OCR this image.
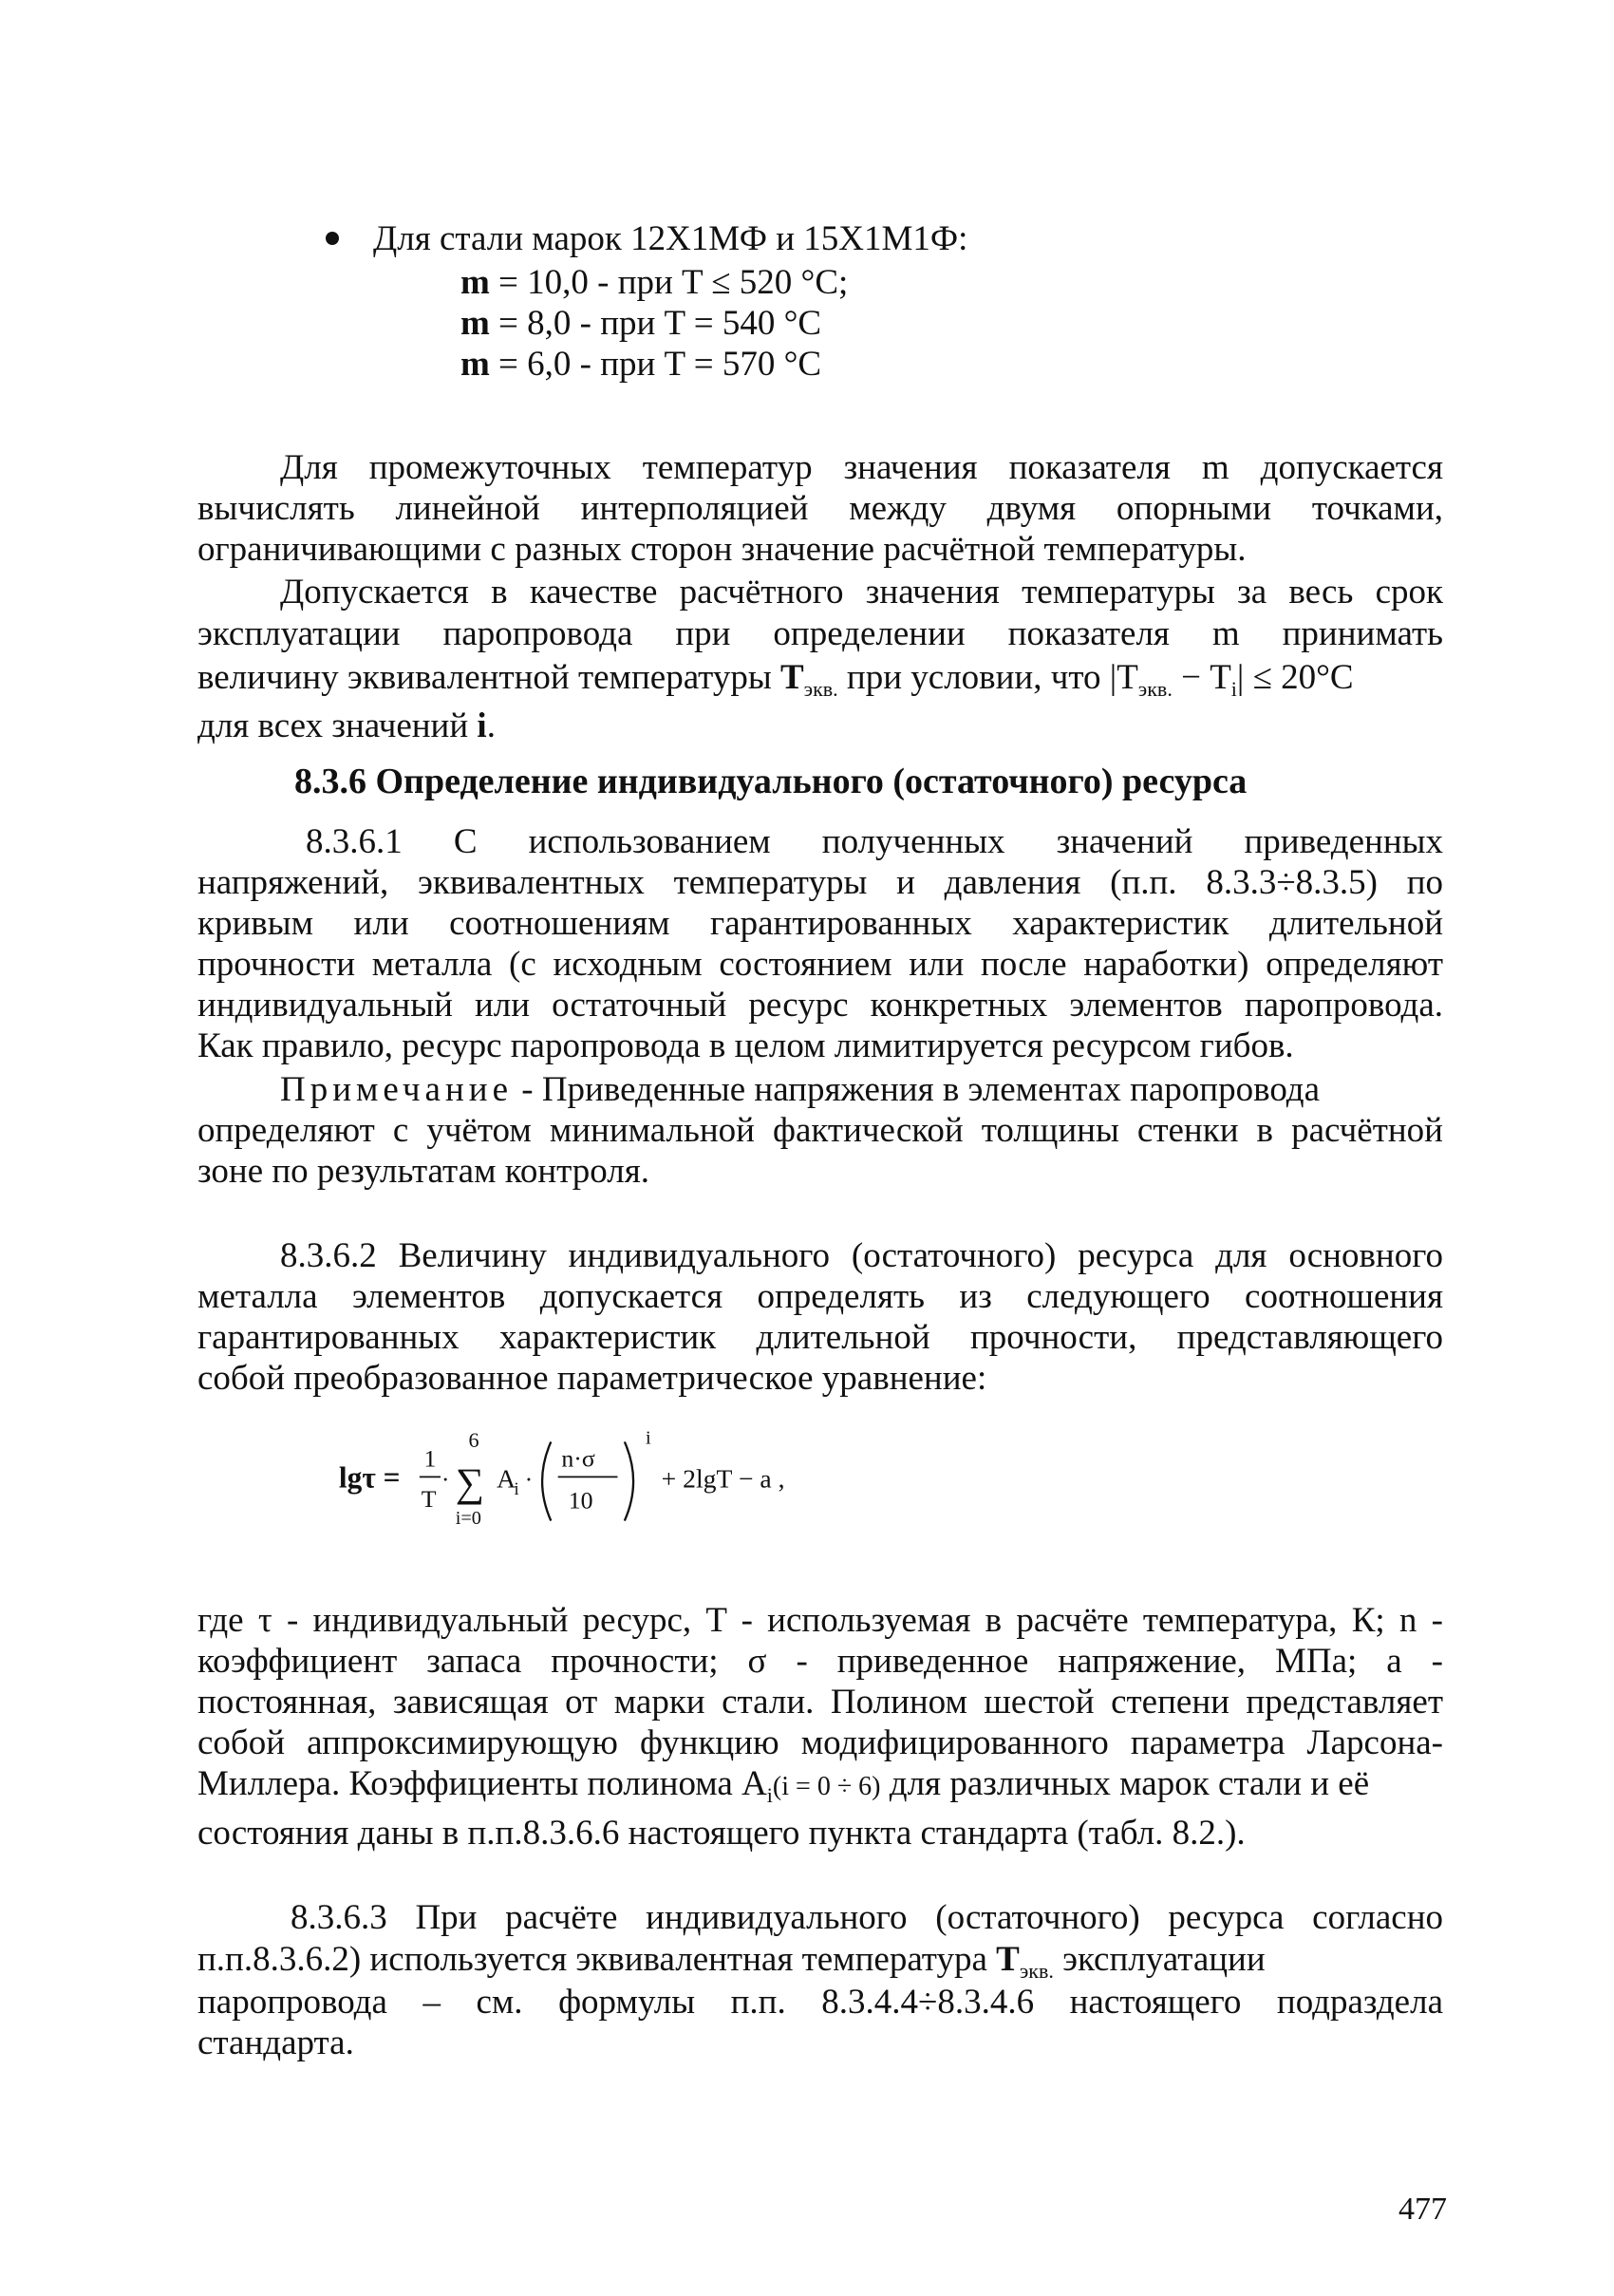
Для стали марок 12Х1МФ и 15Х1М1Ф:
m = 10,0 - при T ≤ 520 °C;
m = 8,0 - при T = 540 °C
m = 6,0 - при T = 570 °C
Для промежуточных температур значения показателя m допускается
вычислять линейной интерполяцией между двумя опорными точками,
ограничивающими с разных сторон значение расчётной температуры.
Допускается в качестве расчётного значения температуры за весь срок
эксплуатации паропровода при определении показателя m принимать
величину эквивалентной температуры $T_{экв.}$ при условии, что $|T_{экв.} - T_i| \le 20^\circ C$
для всех значений i.
8.3.6 Определение индивидуального (остаточного) ресурса
8.3.6.1 С использованием полученных значений приведенных
напряжений, эквивалентных температуры и давления (п.п. 8.3.3÷8.3.5) по
кривым или соотношениям гарантированных характеристик длительной
прочности металла (с исходным состоянием или после наработки) определяют
индивидуальный или остаточный ресурс конкретных элементов паропровода.
Как правило, ресурс паропровода в целом лимитируется ресурсом гибов.
Примечание - Приведенные напряжения в элементах паропровода
определяют с учётом минимальной фактической толщины стенки в расчётной
зоне по результатам контроля.
8.3.6.2 Величину индивидуального (остаточного) ресурса для основного
металла элементов допускается определять из следующего соотношения
гарантированных характеристик длительной прочности, представляющего
собой преобразованное параметрическое уравнение:
lgτ =
1
T
·
6
∑
i=0
A
i ·
n·σ
10
i
+ 2lgT − a ,
где τ - индивидуальный ресурс, T - используемая в расчёте температура, К; n -
коэффициент запаса прочности; σ - приведенное напряжение, МПа; a -
постоянная, зависящая от марки стали. Полином шестой степени представляет
собой аппроксимирующую функцию модифицированного параметра Ларсона-
Миллера. Коэффициенты полинома $A_i(i = 0 \div 6)$ для различных марок стали и её
состояния даны в п.п.8.3.6.6 настоящего пункта стандарта (табл. 8.2.).
8.3.6.3 При расчёте индивидуального (остаточного) ресурса согласно
п.п.8.3.6.2) используется эквивалентная температура $T_{экв.}$ эксплуатации
паропровода – см. формулы п.п. 8.3.4.4÷8.3.4.6 настоящего подраздела
стандарта.
477
